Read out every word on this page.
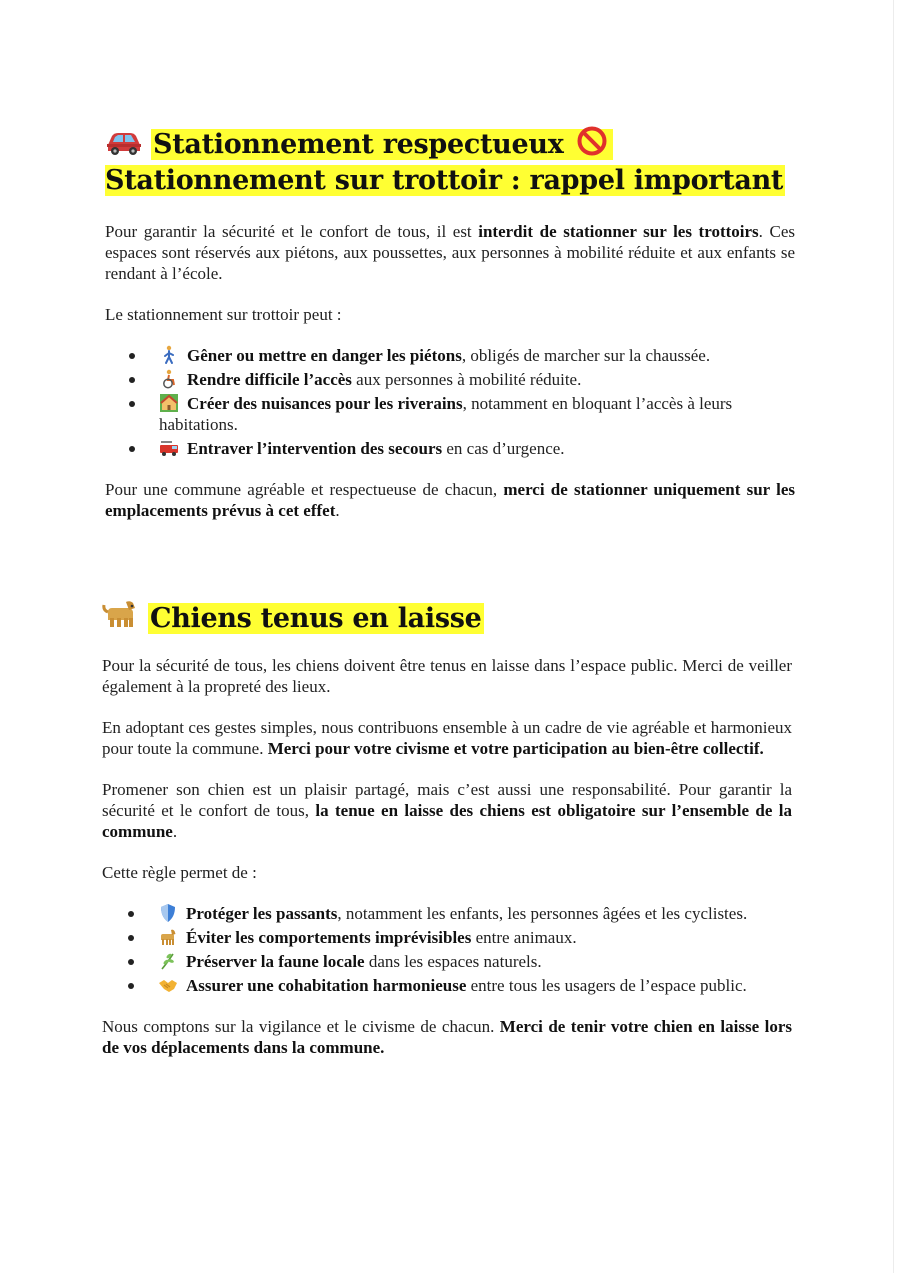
Stationnement respectueux
Stationnement sur trottoir : rappel important

Pour garantir la sécurité et le confort de tous, il est interdit de stationner sur les trottoirs. Ces espaces sont réservés aux piétons, aux poussettes, aux personnes à mobilité réduite et aux enfants se rendant à l’école.

Le stationnement sur trottoir peut :

Gêner ou mettre en danger les piétons, obligés de marcher sur la chaussée.
Rendre difficile l’accès aux personnes à mobilité réduite.
Créer des nuisances pour les riverains, notamment en bloquant l’accès à leurs habitations.
Entraver l’intervention des secours en cas d’urgence.

Pour une commune agréable et respectueuse de chacun, merci de stationner uniquement sur les emplacements prévus à cet effet.

Chiens tenus en laisse

Pour la sécurité de tous, les chiens doivent être tenus en laisse dans l’espace public. Merci de veiller également à la propreté des lieux.

En adoptant ces gestes simples, nous contribuons ensemble à un cadre de vie agréable et harmonieux pour toute la commune. Merci pour votre civisme et votre participation au bien-être collectif.

Promener son chien est un plaisir partagé, mais c’est aussi une responsabilité. Pour garantir la sécurité et le confort de tous, la tenue en laisse des chiens est obligatoire sur l’ensemble de la commune.

Cette règle permet de :

Protéger les passants, notamment les enfants, les personnes âgées et les cyclistes.
Éviter les comportements imprévisibles entre animaux.
Préserver la faune locale dans les espaces naturels.
Assurer une cohabitation harmonieuse entre tous les usagers de l’espace public.

Nous comptons sur la vigilance et le civisme de chacun. Merci de tenir votre chien en laisse lors de vos déplacements dans la commune.
